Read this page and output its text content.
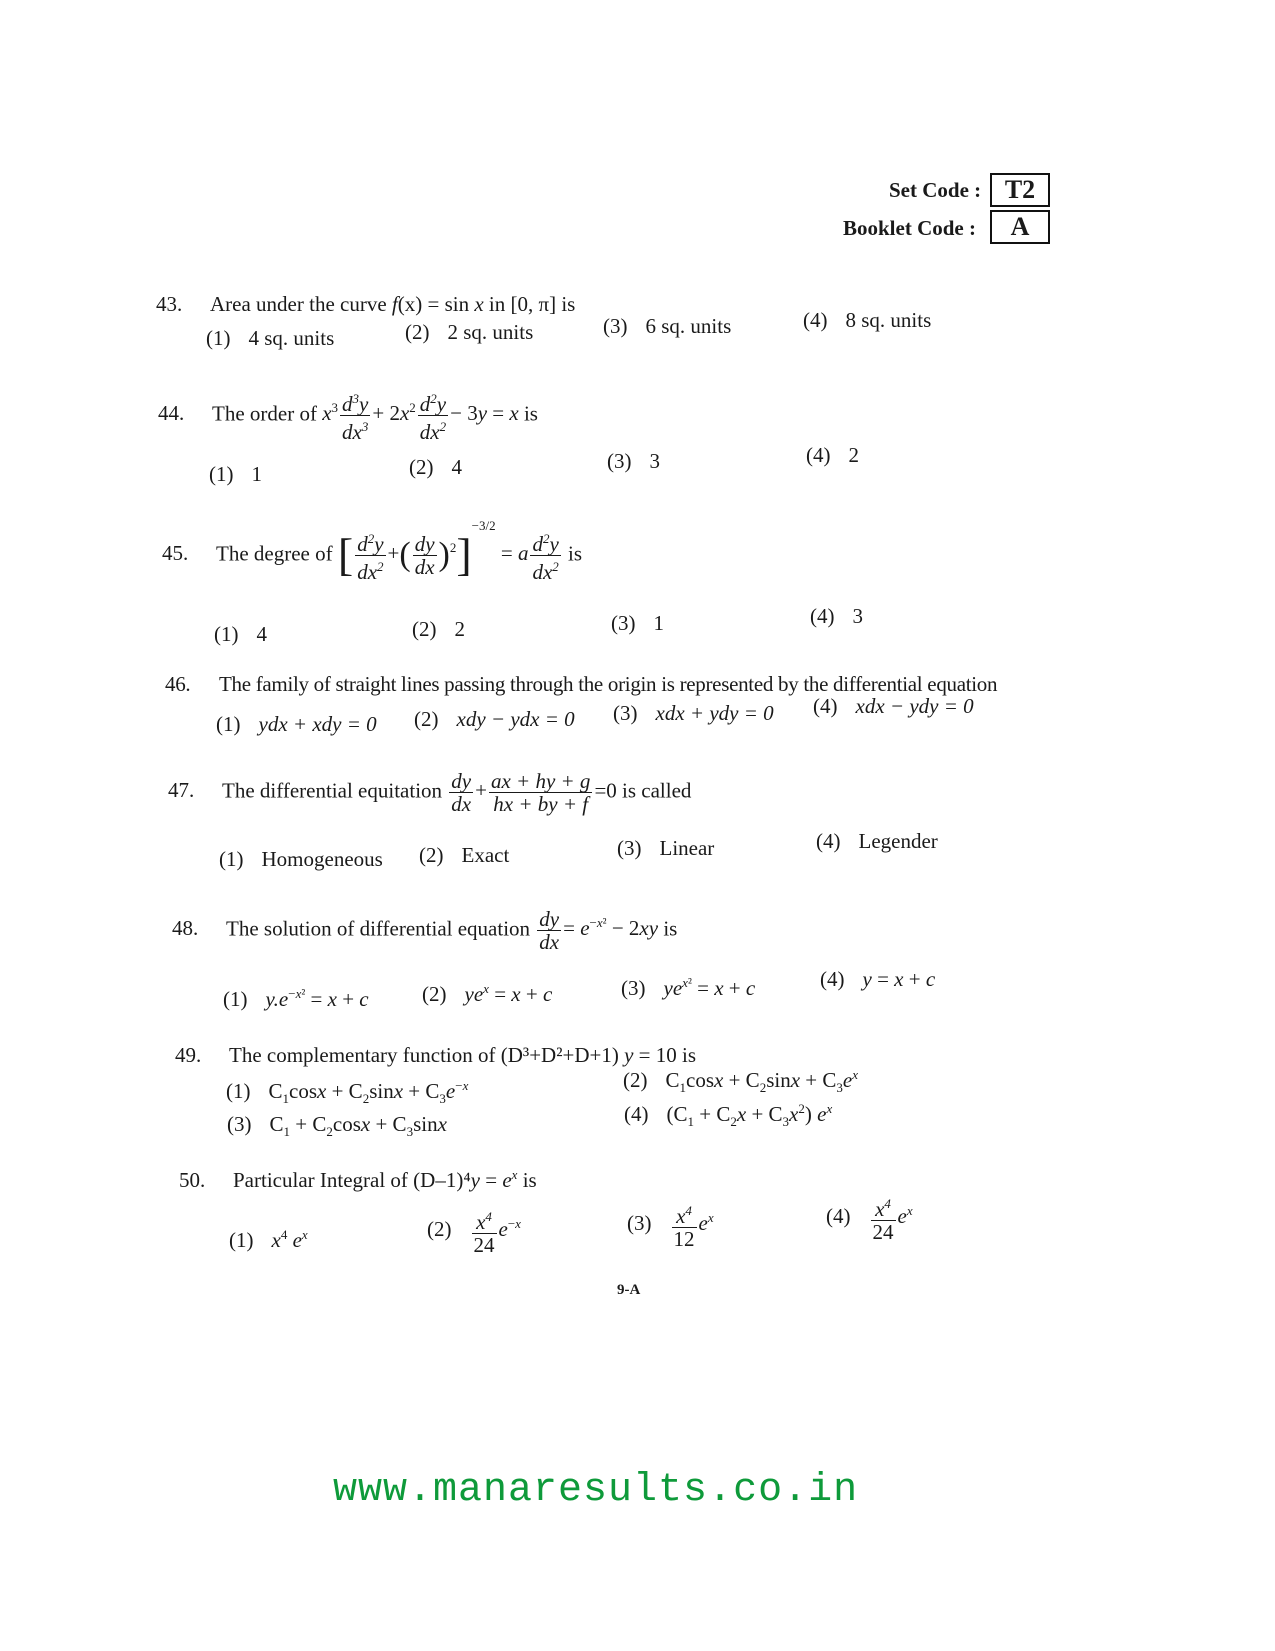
Set Code : T2
Booklet Code :	A
43. Area under the curve f(x) = sin x in [0, π] is
(1) 4 sq. units	(2) 2 sq. units	(3) 6 sq. units	(4) 8 sq. units
44. The order of $x^3 \frac{d^3y}{dx^3} + 2x^2 \frac{d^2y}{dx^2} - 3y = x$ is
(1) 1	(2) 4	(3) 3	(4) 2
45. The degree of [ $\frac{d^2y}{dx^2}$ +( $\frac{dy}{dx} )^2]^{-3/2} = a \frac{d^2y}{dx^2}$ is
(1) 4	(2) 2	(3) 1	(4) 3
46. The family of straight lines passing through the origin is represented by the differential equation
(1) ydx + xdy = 0 (2) xdy − ydx = 0 (3) xdx + ydy = 0 (4) xdx − ydy = 0
47. The differential equitation $\frac{dy}{dx} + \frac{ax + hy + g}{hx + by + f} =0$ is called
(1) Homogeneous (2) Exact	(3) Linear	(4) Legender
48. The solution of differential equation $\frac{dy}{dx} = e^{-x^2} - 2xy$ is
(1) $y.e^{-x^2} = x + c$	(2) $ye^x = x + c$	(3) $ye^{x^2} = x + c$	(4) y = x + c
49. The complementary function of (D³+D²+D+1) y = 10 is
(1) $C_1\cos x + C_2\sin x + C_3e^{-x}$	(2) $C_1\cos x + C_2\sin x + C_3e^x$
(3) $C_1 + C_2\cos x + C_3\sin x$	(4) $(C_1 + C_2x + C_3x^2)$ $e^x$
50. Particular Integral of $(D-1)^4y = e^x$ is
(1) $x^4$ $e^x$	$(2) \frac{x^4}{24} e^{-x}$	$(3) \frac{x^4}{12} e^x$	$(4) \frac{x^4}{24} e^x$
9-A
www.manaresults.co.in
